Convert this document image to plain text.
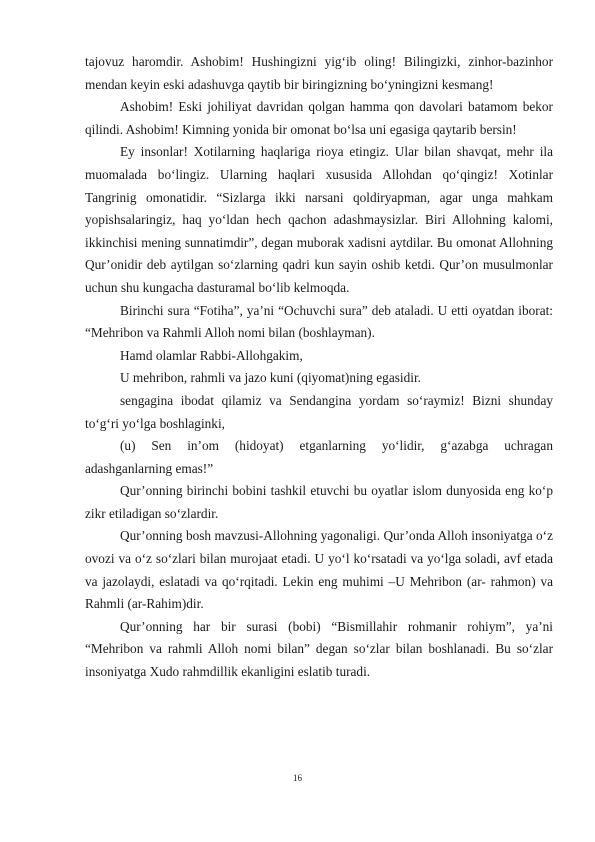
tajovuz haromdir. Ashobim! Hushingizni yig‘ib oling! Bilingizki, zinhor-bazinhor mendan keyin eski adashuvga qaytib bir biringizning bo‘yningizni kesmang!

Ashobim! Eski johiliyat davridan qolgan hamma qon davolari batamom bekor qilindi. Ashobim! Kimning yonida bir omonat bo‘lsa uni egasiga qaytarib bersin!

Ey insonlar! Xotilarning haqlariga rioya etingiz. Ular bilan shavqat, mehr ila muomalada bo‘lingiz. Ularning haqlari xususida Allohdan qo‘qingiz! Xotinlar Tangrinig omonatidir. “Sizlarga ikki narsani qoldiryapman, agar unga mahkam yopishsalaringiz, haq yo‘ldan hech qachon adashmaysizlar. Biri Allohning kalomi, ikkinchisi mening sunnatimdir”, degan muborak xadisni aytdilar. Bu omonat Allohning Qur’onidir deb aytilgan so‘zlarning qadri kun sayin oshib ketdi. Qur’on musulmonlar uchun shu kungacha dasturamal bo‘lib kelmoqda.

Birinchi sura “Fotiha”, ya’ni “Ochuvchi sura” deb ataladi. U etti oyatdan iborat: “Mehribon va Rahmli Alloh nomi bilan (boshlayman).

Hamd olamlar Rabbi-Allohgakim,

U mehribon, rahmli va jazo kuni (qiyomat)ning egasidir.

sengagina ibodat qilamiz va Sendangina yordam so‘raymiz! Bizni shunday to‘g‘ri yo‘lga boshlaginki,

(u) Sen in’om (hidoyat) etganlarning yo‘lidir, g‘azabga uchragan adashganlarning emas!”

Qur’onning birinchi bobini tashkil etuvchi bu oyatlar islom dunyosida eng ko‘p zikr etiladigan so‘zlardir.

Qur’onning bosh mavzusi-Allohning yagonaligi. Qur’onda Alloh insoniyatga o‘z ovozi va o‘z so‘zlari bilan murojaat etadi. U yo‘l ko‘rsatadi va yo‘lga soladi, avf etada va jazolaydi, eslatadi va qo‘rqitadi. Lekin eng muhimi –U Mehribon (ar- rahmon) va Rahmli (ar-Rahim)dir.

Qur’onning har bir surasi (bobi) “Bismillahir rohmanir rohiym”, ya’ni “Mehribon va rahmli Alloh nomi bilan” degan so‘zlar bilan boshlanadi. Bu so‘zlar insoniyatga Xudo rahmdillik ekanligini eslatib turadi.

16
